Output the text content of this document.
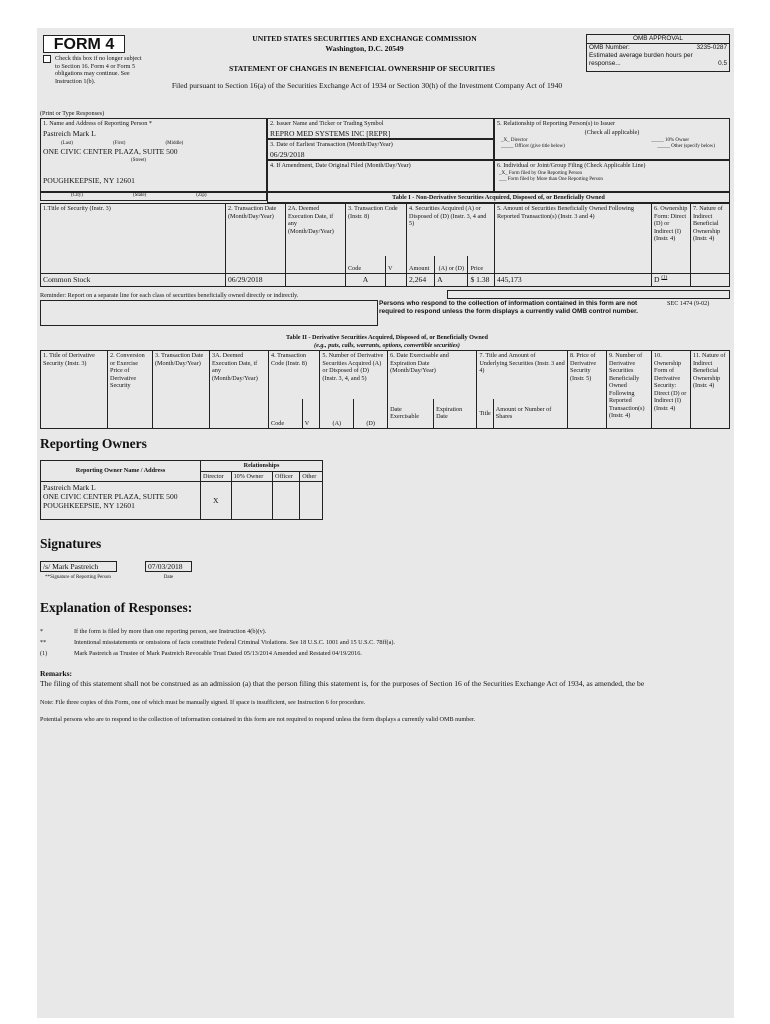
FORM 4
Check this box if no longer subject to Section 16. Form 4 or Form 5 obligations may continue. See Instruction 1(b).
UNITED STATES SECURITIES AND EXCHANGE COMMISSION
Washington, D.C. 20549
STATEMENT OF CHANGES IN BENEFICIAL OWNERSHIP OF SECURITIES
Filed pursuant to Section 16(a) of the Securities Exchange Act of 1934 or Section 30(h) of the Investment Company Act of 1940
OMB APPROVAL
OMB Number:	3235-0287
Estimated average burden hours per response...	0.5
(Print or Type Responses)
1. Name and Address of Reporting Person *
Pastreich Mark L
(Last)	(First)	(Middle)
ONE CIVIC CENTER PLAZA, SUITE 500
(Street)
POUGHKEEPSIE, NY 12601
(City)	(State)	(Zip)
2. Issuer Name and Ticker or Trading Symbol
REPRO MED SYSTEMS INC [REPR]
3. Date of Earliest Transaction (Month/Day/Year)
06/29/2018
4. If Amendment, Date Original Filed (Month/Day/Year)
5. Relationship of Reporting Person(s) to Issuer
(Check all applicable)
_X_ Director	_____ 10% Owner
_____ Officer (give title below)	_____ Other (specify below)
6. Individual or Joint/Group Filing (Check Applicable Line)
_X_ Form filed by One Reporting Person
___ Form filed by More than One Reporting Person
Table I - Non-Derivative Securities Acquired, Disposed of, or Beneficially Owned
1.Title of Security (Instr. 3)	2. Transaction Date (Month/Day/Year)	2A. Deemed Execution Date, if any (Month/Day/Year)	3. Transaction Code (Instr. 8)		4. Securities Acquired (A) or Disposed of (D) (Instr. 3, 4 and 5)			5. Amount of Securities Beneficially Owned Following Reported Transaction(s) (Instr. 3 and 4)	6. Ownership Form: Direct (D) or Indirect (I) (Instr. 4)	7. Nature of Indirect Beneficial Ownership (Instr. 4)
			Code	V	Amount	(A) or (D)	Price			
Common Stock	06/29/2018		A		2,264	A	$ 1.38	445,173	D $^{(1)}$	
Reminder: Report on a separate line for each class of securities beneficially owned directly or indirectly.
Persons who respond to the collection of information contained in this form are not required to respond unless the form displays a currently valid OMB control number.
SEC 1474 (9-02)
Table II - Derivative Securities Acquired, Disposed of, or Beneficially Owned
(e.g., puts, calls, warrants, options, convertible securities)
1. Title of Derivative Security (Instr. 3)	2. Conversion or Exercise Price of Derivative Security	3. Transaction Date (Month/Day/Year)	3A. Deemed Execution Date, if any (Month/Day/Year)	4. Transaction Code (Instr. 8)		5. Number of Derivative Securities Acquired (A) or Disposed of (D) (Instr. 3, 4, and 5)		6. Date Exercisable and Expiration Date (Month/Day/Year)		7. Title and Amount of Underlying Securities (Instr. 3 and 4)		8. Price of Derivative Security (Instr. 5)	9. Number of Derivative Securities Beneficially Owned Following Reported Transaction(s) (Instr. 4)	10. Ownership Form of Derivative Security: Direct (D) or Indirect (I) (Instr. 4)	11. Nature of Indirect Beneficial Ownership (Instr. 4)
				Code	V	(A)	(D)	Date Exercisable	Expiration Date	Title	Amount or Number of Shares				
Reporting Owners
Reporting Owner Name / Address	Relationships			
	Director	10% Owner	Officer	Other

Pastreich Mark L
ONE CIVIC CENTER PLAZA, SUITE 500
POUGHKEEPSIE, NY 12601	X			
Signatures
/s/ Mark Pastreich	07/03/2018
**Signature of Reporting Person	Date
Explanation of Responses:
*	If the form is filed by more than one reporting person, see Instruction 4(b)(v).
**	Intentional misstatements or omissions of facts constitute Federal Criminal Violations. See 18 U.S.C. 1001 and 15 U.S.C. 78ff(a).
(1)	Mark Pastreich as Trustee of Mark Pastreich Revocable Trust Dated 05/13/2014 Amended and Restated 04/19/2016.
Remarks:
The filing of this statement shall not be construed as an admission (a) that the person filing this statement is, for the purposes of Section 16 of the Securities Exchange Act of 1934, as amended, the be
Note: File three copies of this Form, one of which must be manually signed. If space is insufficient, see Instruction 6 for procedure.
Potential persons who are to respond to the collection of information contained in this form are not required to respond unless the form displays a currently valid OMB number.
